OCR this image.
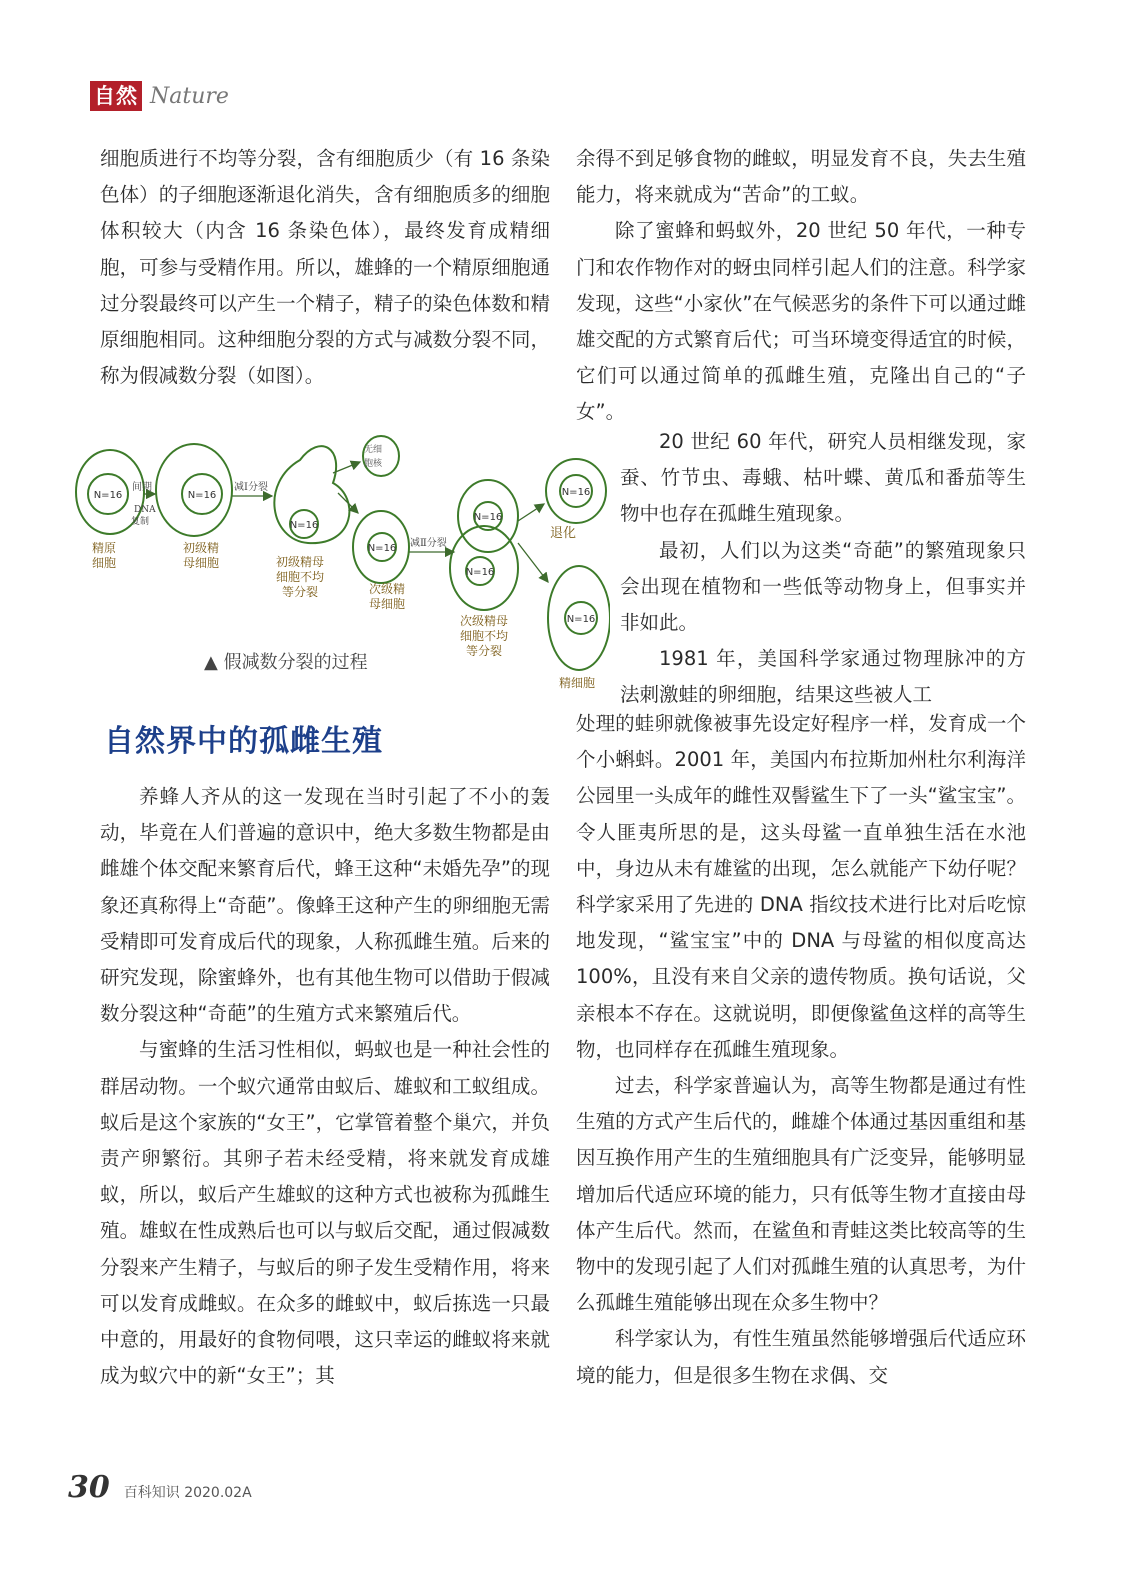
自然 Nature

细胞质进行不均等分裂，含有细胞质少（有 16 条染色体）的子细胞逐渐退化消失，含有细胞质多的细胞体积较大（内含 16 条染色体），最终发育成精细胞，可参与受精作用。所以，雄蜂的一个精原细胞通过分裂最终可以产生一个精子，精子的染色体数和精原细胞相同。这种细胞分裂的方式与减数分裂不同，称为假减数分裂（如图）。

N=16	N=16
N=16
N=16
N=16
N=16
N=16
N=16
间期
DNA
复制
减Ⅰ分裂
减Ⅱ分裂
退化
无细胞核
精原细胞
初级精母细胞	初级精母细胞不均等分裂	次级精母细胞
次级精母细胞不均等分裂
精细胞
▲ 假减数分裂的过程
自然界中的孤雌生殖

养蜂人齐从的这一发现在当时引起了不小的轰动，毕竟在人们普遍的意识中，绝大多数生物都是由雌雄个体交配来繁育后代，蜂王这种“未婚先孕”的现象还真称得上“奇葩”。像蜂王这种产生的卵细胞无需受精即可发育成后代的现象，人称孤雌生殖。后来的研究发现，除蜜蜂外，也有其他生物可以借助于假减数分裂这种“奇葩”的生殖方式来繁殖后代。

与蜜蜂的生活习性相似，蚂蚁也是一种社会性的群居动物。一个蚁穴通常由蚁后、雄蚁和工蚁组成。蚁后是这个家族的“女王”，它掌管着整个巢穴，并负责产卵繁衍。其卵子若未经受精，将来就发育成雄蚁，所以，蚁后产生雄蚁的这种方式也被称为孤雌生殖。雄蚁在性成熟后也可以与蚁后交配，通过假减数分裂来产生精子，与蚁后的卵子发生受精作用，将来可以发育成雌蚁。在众多的雌蚁中，蚁后拣选一只最中意的，用最好的食物伺喂，这只幸运的雌蚁将来就成为蚁穴中的新“女王”；其

余得不到足够食物的雌蚁，明显发育不良，失去生殖能力，将来就成为“苦命”的工蚁。

除了蜜蜂和蚂蚁外，20 世纪 50 年代，一种专门和农作物作对的蚜虫同样引起人们的注意。科学家发现，这些“小家伙”在气候恶劣的条件下可以通过雌雄交配的方式繁育后代；可当环境变得适宜的时候，它们可以通过简单的孤雌生殖，克隆出自己的“子女”。

20 世纪 60 年代，研究人员相继发现，家蚕、竹节虫、毒蛾、枯叶蝶、黄瓜和番茄等生物中也存在孤雌生殖现象。

最初，人们以为这类“奇葩”的繁殖现象只会出现在植物和一些低等动物身上，但事实并非如此。

1981 年，美国科学家通过物理脉冲的方法刺激蛙的卵细胞，结果这些被人工

处理的蛙卵就像被事先设定好程序一样，发育成一个个小蝌蚪。2001 年，美国内布拉斯加州杜尔利海洋公园里一头成年的雌性双髻鲨生下了一头“鲨宝宝”。令人匪夷所思的是，这头母鲨一直单独生活在水池中，身边从未有雄鲨的出现，怎么就能产下幼仔呢？科学家采用了先进的 DNA 指纹技术进行比对后吃惊地发现，“鲨宝宝”中的 DNA 与母鲨的相似度高达 100%，且没有来自父亲的遗传物质。换句话说，父亲根本不存在。这就说明，即便像鲨鱼这样的高等生物，也同样存在孤雌生殖现象。

过去，科学家普遍认为，高等生物都是通过有性生殖的方式产生后代的，雌雄个体通过基因重组和基因互换作用产生的生殖细胞具有广泛变异，能够明显增加后代适应环境的能力，只有低等生物才直接由母体产生后代。然而，在鲨鱼和青蛙这类比较高等的生物中的发现引起了人们对孤雌生殖的认真思考，为什么孤雌生殖能够出现在众多生物中？

科学家认为，有性生殖虽然能够增强后代适应环境的能力，但是很多生物在求偶、交

30 百科知识 2020.02A
